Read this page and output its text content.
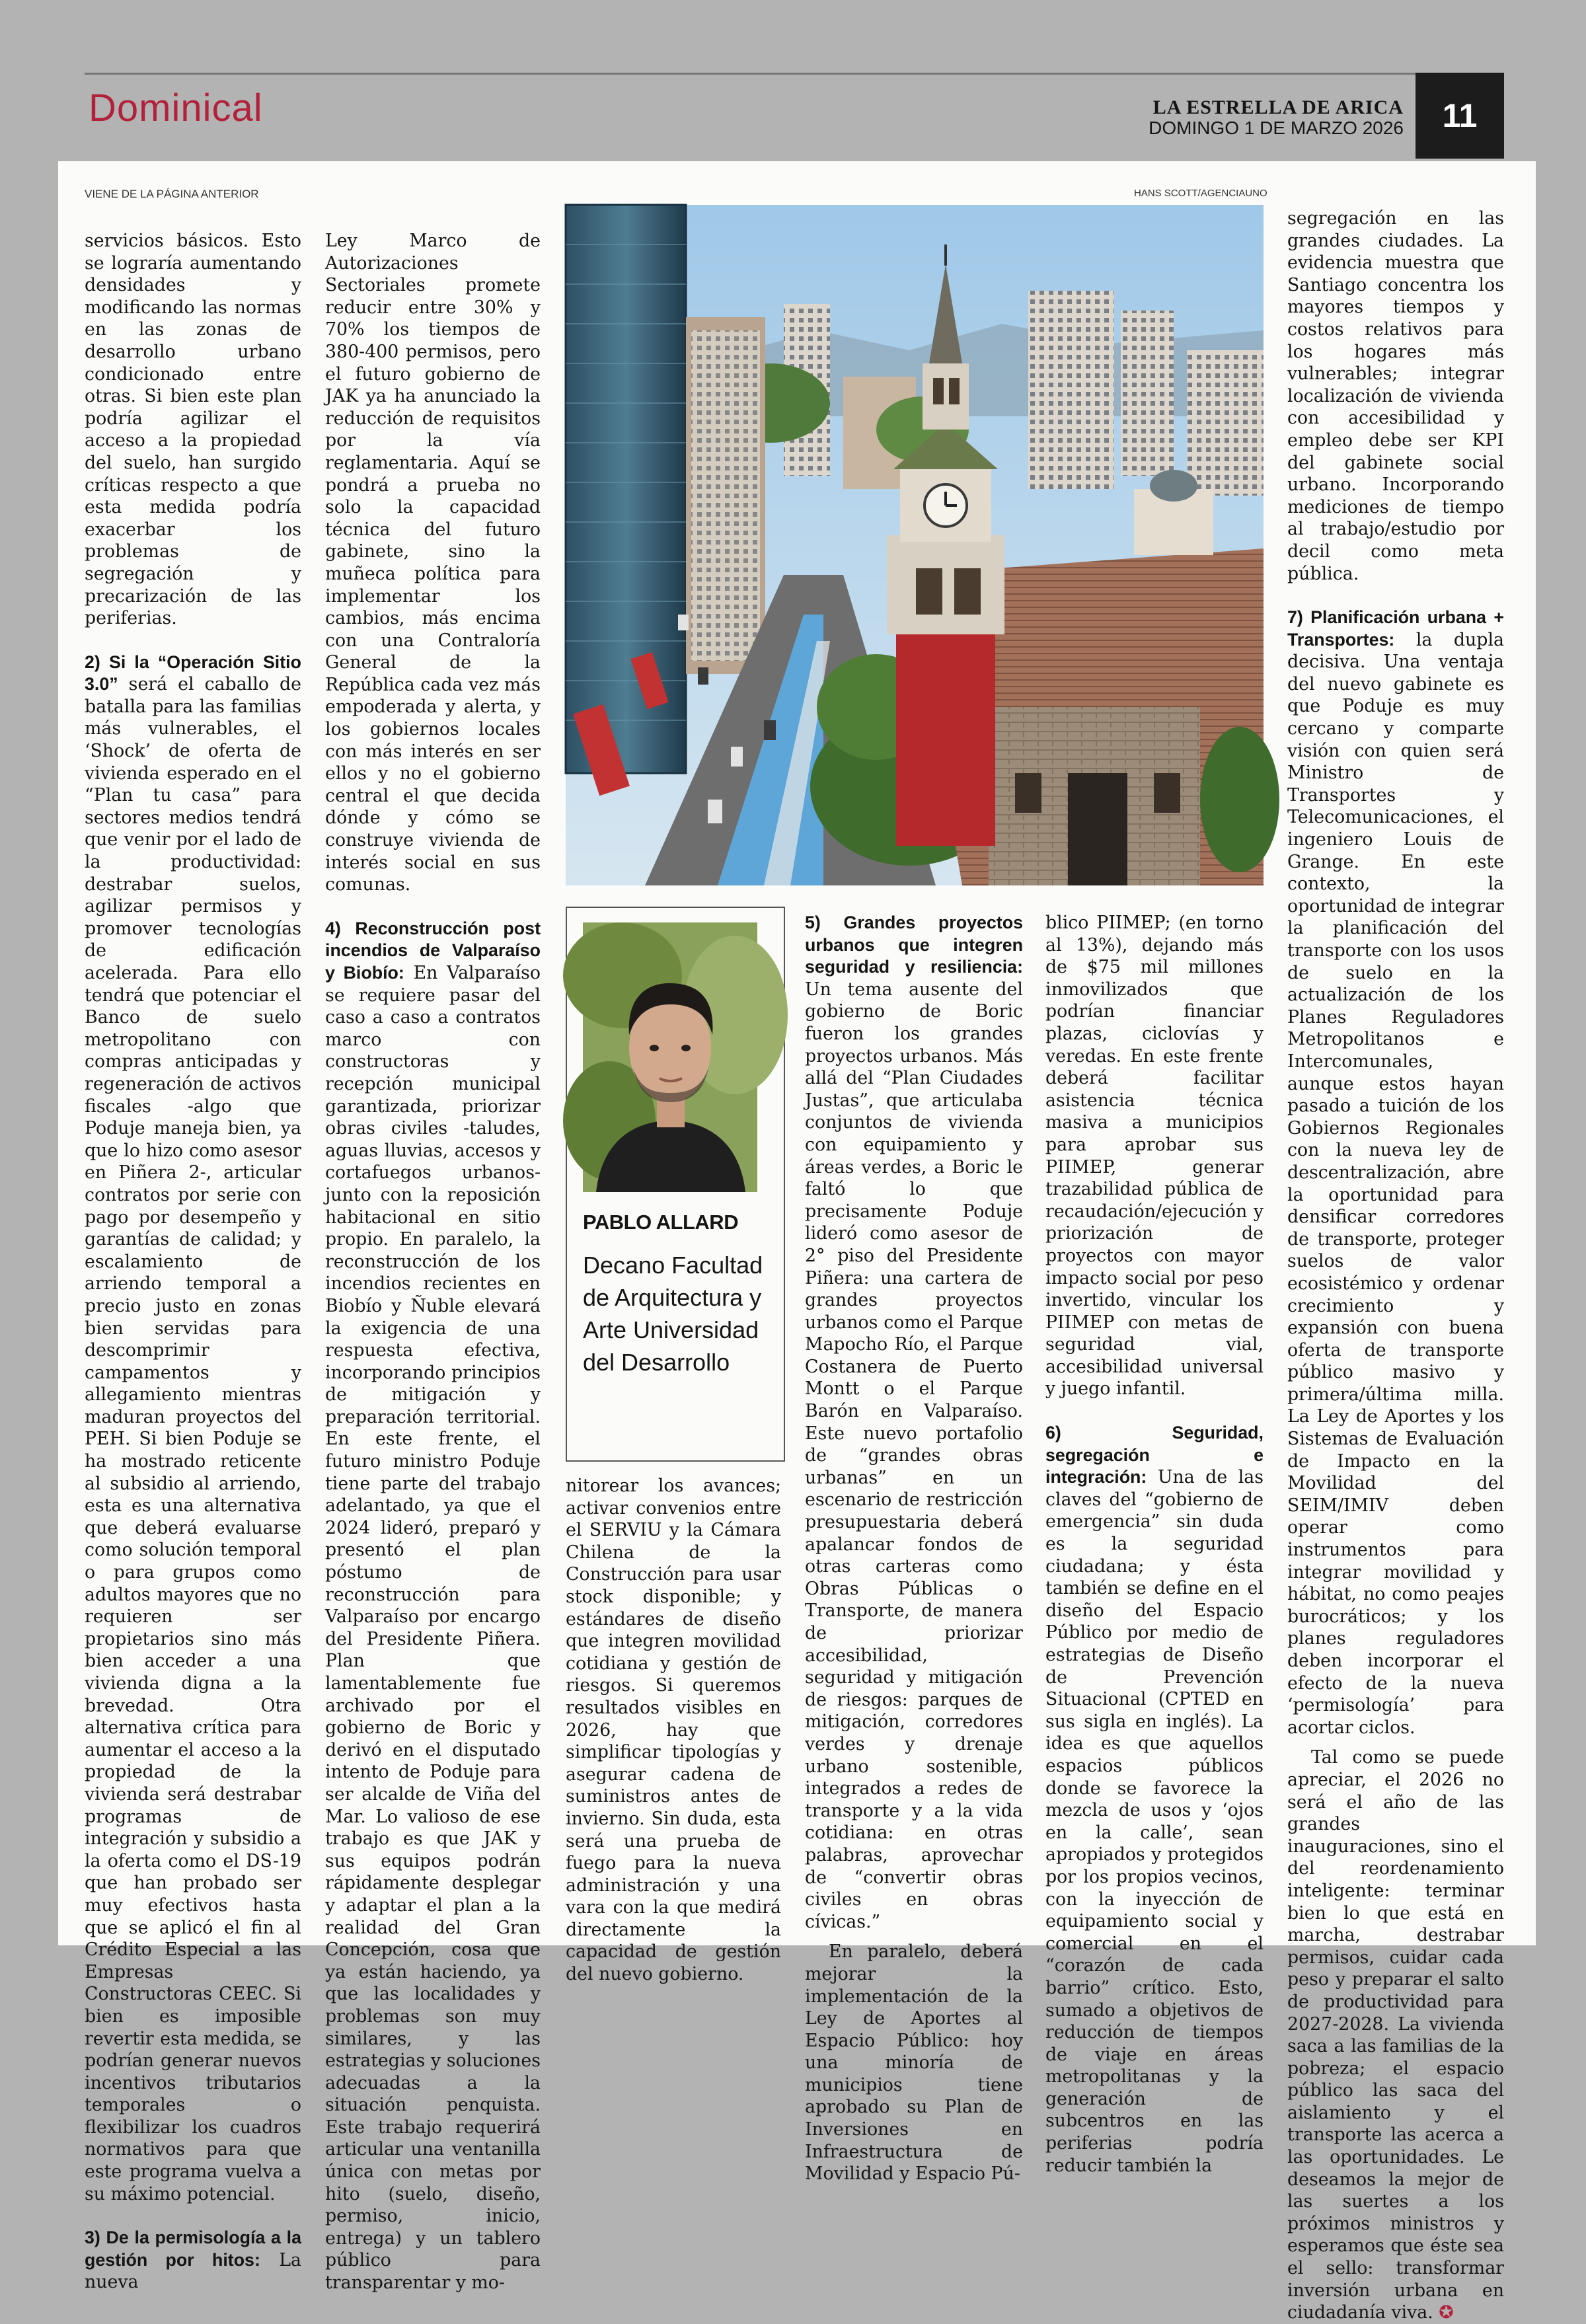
Dominical	LA ESTRELLA DE ARICA
DOMINGO 1 DE MARZO 2026	11
VIENE DE LA PÁGINA ANTERIOR	HANS SCOTT/AGENCIAUNO

servicios básicos. Esto se lograría aumentando densidades y modificando las normas en las zonas de desarrollo urbano condicionado entre otras. Si bien este plan podría agilizar el acceso a la propiedad del suelo, han surgido críticas respecto a que esta medida podría exacerbar los problemas de segregación y precarización de las periferias.

2) Si la “Operación Sitio 3.0” será el caballo de batalla para las familias más vulnerables, el ‘Shock’ de oferta de vivienda esperado en el “Plan tu casa” para sectores medios tendrá que venir por el lado de la productividad: destrabar suelos, agilizar permisos y promover tecnologías de edificación acelerada. Para ello tendrá que potenciar el Banco de suelo metropolitano con compras anticipadas y regeneración de activos fiscales -algo que Poduje maneja bien, ya que lo hizo como asesor en Piñera 2-, articular contratos por serie con pago por desempeño y garantías de calidad; y escalamiento de arriendo temporal a precio justo en zonas bien servidas para descomprimir campamentos y allegamiento mientras maduran proyectos del PEH. Si bien Poduje se ha mostrado reticente al subsidio al arriendo, esta es una alternativa que deberá evaluarse como solución temporal o para grupos como adultos mayores que no requieren ser propietarios sino más bien acceder a una vivienda digna a la brevedad. Otra alternativa crítica para aumentar el acceso a la propiedad de la vivienda será destrabar programas de integración y subsidio a la oferta como el DS-19 que han probado ser muy efectivos hasta que se aplicó el fin al Crédito Especial a las Empresas Constructoras CEEC. Si bien es imposible revertir esta medida, se podrían generar nuevos incentivos tributarios temporales o flexibilizar los cuadros normativos para que este programa vuelva a su máximo potencial.

3) De la permisología a la gestión por hitos: La nueva

Ley Marco de Autorizaciones Sectoriales promete reducir entre 30% y 70% los tiempos de 380-400 permisos, pero el futuro gobierno de JAK ya ha anunciado la reducción de requisitos por la vía reglamentaria. Aquí se pondrá a prueba no solo la capacidad técnica del futuro gabinete, sino la muñeca política para implementar los cambios, más encima con una Contraloría General de la República cada vez más empoderada y alerta, y los gobiernos locales con más interés en ser ellos y no el gobierno central el que decida dónde y cómo se construye vivienda de interés social en sus comunas.

4) Reconstrucción post incendios de Valparaíso y Biobío: En Valparaíso se requiere pasar del caso a caso a contratos marco con constructoras y recepción municipal garantizada, priorizar obras civiles -taludes, aguas lluvias, accesos y cortafuegos urbanos- junto con la reposición habitacional en sitio propio. En paralelo, la reconstrucción de los incendios recientes en Biobío y Ñuble elevará la exigencia de una respuesta efectiva, incorporando principios de mitigación y preparación territorial. En este frente, el futuro ministro Poduje tiene parte del trabajo adelantado, ya que el 2024 lideró, preparó y presentó el plan póstumo de reconstrucción para Valparaíso por encargo del Presidente Piñera. Plan que lamentablemente fue archivado por el gobierno de Boric y derivó en el disputado intento de Poduje para ser alcalde de Viña del Mar. Lo valioso de ese trabajo es que JAK y sus equipos podrán rápidamente desplegar y adaptar el plan a la realidad del Gran Concepción, cosa que ya están haciendo, ya que las localidades y problemas son muy similares, y las estrategias y soluciones adecuadas a la situación penquista. Este trabajo requerirá articular una ventanilla única con metas por hito (suelo, diseño, permiso, inicio, entrega) y un tablero público para transparentar y mo-

PABLO ALLARD
Decano Facultad de Arquitectura y Arte Universidad del Desarrollo

nitorear los avances; activar convenios entre el SERVIU y la Cámara Chilena de la Construcción para usar stock disponible; y estándares de diseño que integren movilidad cotidiana y gestión de riesgos. Si queremos resultados visibles en 2026, hay que simplificar tipologías y asegurar cadena de suministros antes de invierno. Sin duda, esta será una prueba de fuego para la nueva administración y una vara con la que medirá directamente la capacidad de gestión del nuevo gobierno.

5) Grandes proyectos urbanos que integren seguridad y resiliencia: Un tema ausente del gobierno de Boric fueron los grandes proyectos urbanos. Más allá del “Plan Ciudades Justas”, que articulaba conjuntos de vivienda con equipamiento y áreas verdes, a Boric le faltó lo que precisamente Poduje lideró como asesor de 2° piso del Presidente Piñera: una cartera de grandes proyectos urbanos como el Parque Mapocho Río, el Parque Costanera de Puerto Montt o el Parque Barón en Valparaíso. Este nuevo portafolio de “grandes obras urbanas” en un escenario de restricción presupuestaria deberá apalancar fondos de otras carteras como Obras Públicas o Transporte, de manera de priorizar accesibilidad, seguridad y mitigación de riesgos: parques de mitigación, corredores verdes y drenaje urbano sostenible, integrados a redes de transporte y a la vida cotidiana: en otras palabras, aprovechar de “convertir obras civiles en obras cívicas.”

En paralelo, deberá mejorar la implementación de la Ley de Aportes al Espacio Público: hoy una minoría de municipios tiene aprobado su Plan de Inversiones en Infraestructura de Movilidad y Espacio Pú-

blico PIIMEP; (en torno al 13%), dejando más de $75 mil millones inmovilizados que podrían financiar plazas, ciclovías y veredas. En este frente deberá facilitar asistencia técnica masiva a municipios para aprobar sus PIIMEP, generar trazabilidad pública de recaudación/ejecución y priorización de proyectos con mayor impacto social por peso invertido, vincular los PIIMEP con metas de seguridad vial, accesibilidad universal y juego infantil.

6) Seguridad, segregación e integración: Una de las claves del “gobierno de emergencia” sin duda es la seguridad ciudadana; y ésta también se define en el diseño del Espacio Público por medio de estrategias de Diseño de Prevención Situacional (CPTED en sus sigla en inglés). La idea es que aquellos espacios públicos donde se favorece la mezcla de usos y ‘ojos en la calle’, sean apropiados y protegidos por los propios vecinos, con la inyección de equipamiento social y comercial en el “corazón de cada barrio” crítico. Esto, sumado a objetivos de reducción de tiempos de viaje en áreas metropolitanas y la generación de subcentros en las periferias podría reducir también la

segregación en las grandes ciudades. La evidencia muestra que Santiago concentra los mayores tiempos y costos relativos para los hogares más vulnerables; integrar localización de vivienda con accesibilidad y empleo debe ser KPI del gabinete social urbano. Incorporando mediciones de tiempo al trabajo/estudio por decil como meta pública.

7) Planificación urbana + Transportes: la dupla decisiva. Una ventaja del nuevo gabinete es que Poduje es muy cercano y comparte visión con quien será Ministro de Transportes y Telecomunicaciones, el ingeniero Louis de Grange. En este contexto, la oportunidad de integrar la planificación del transporte con los usos de suelo en la actualización de los Planes Reguladores Metropolitanos e Intercomunales, aunque estos hayan pasado a tuición de los Gobiernos Regionales con la nueva ley de descentralización, abre la oportunidad para densificar corredores de transporte, proteger suelos de valor ecosistémico y ordenar crecimiento y expansión con buena oferta de transporte público masivo y primera/última milla. La Ley de Aportes y los Sistemas de Evaluación de Impacto en la Movilidad del SEIM/IMIV deben operar como instrumentos para integrar movilidad y hábitat, no como peajes burocráticos; y los planes reguladores deben incorporar el efecto de la nueva ‘permisología’ para acortar ciclos.

Tal como se puede apreciar, el 2026 no será el año de las grandes inauguraciones, sino el del reordenamiento inteligente: terminar bien lo que está en marcha, destrabar permisos, cuidar cada peso y preparar el salto de productividad para 2027-2028. La vivienda saca a las familias de la pobreza; el espacio público las saca del aislamiento y el transporte las acerca a las oportunidades. Le deseamos la mejor de las suertes a los próximos ministros y esperamos que éste sea el sello: transformar inversión urbana en ciudadanía viva. ✪
